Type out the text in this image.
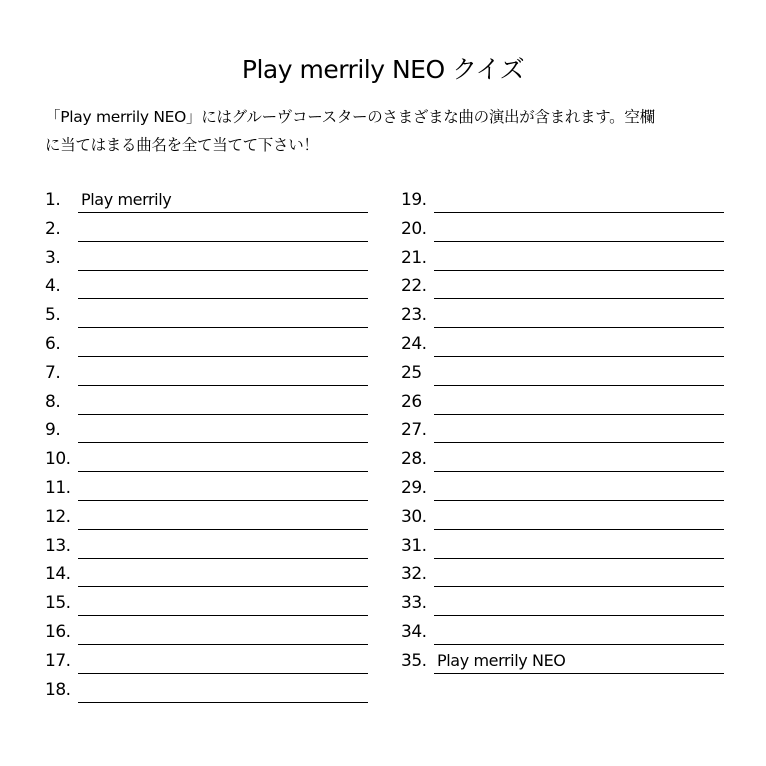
Play merrily NEO クイズ
「Play merrily NEO」にはグルーヴコースターのさまざまな曲の演出が含まれます。空欄
に当てはまる曲名を全て当てて下さい！
1. Play merrily
2.
3.
4.
5.
6.
7.
8.
9.
10.
11.
12.
13.
14.
15.
16.
17.
18.
19.
20.
21.
22.
23.
24.
25
26
27.
28.
29.
30.
31.
32.
33.
34.
35. Play merrily NEO
